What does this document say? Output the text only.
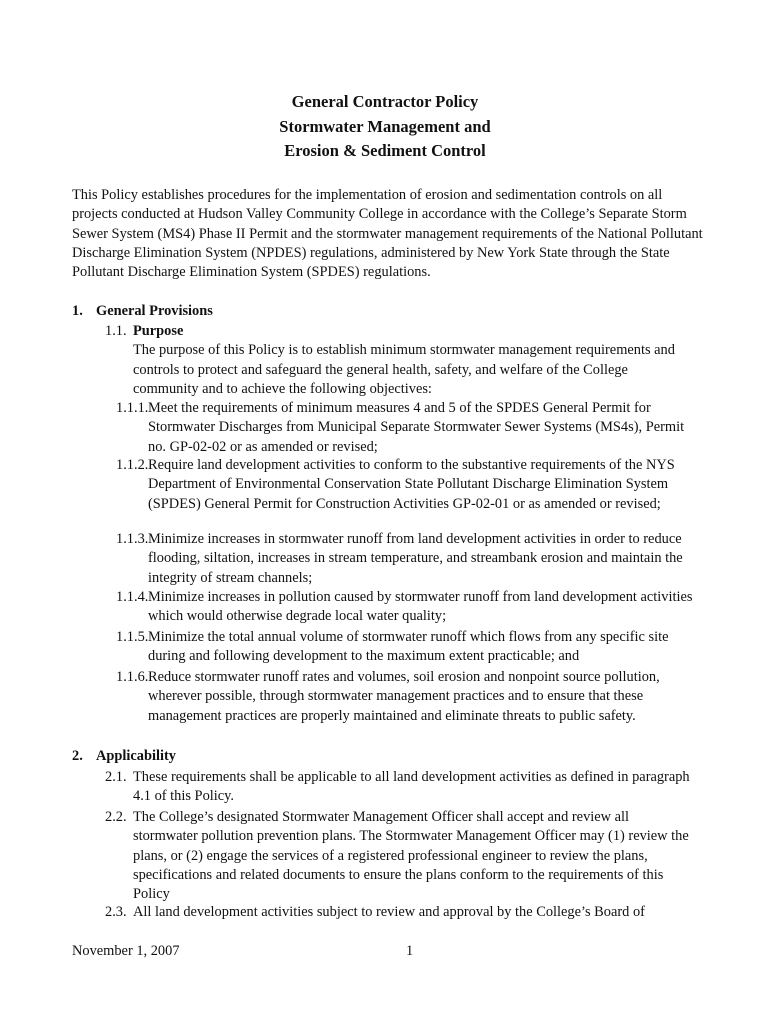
General Contractor Policy
Stormwater Management and
Erosion & Sediment Control
This Policy establishes procedures for the implementation of erosion and sedimentation controls on all projects conducted at Hudson Valley Community College in accordance with the College’s Separate Storm Sewer System (MS4) Phase II Permit and the stormwater management requirements of the National Pollutant Discharge Elimination System (NPDES) regulations, administered by New York State through the State Pollutant Discharge Elimination System (SPDES) regulations.
1. General Provisions
1.1. Purpose
The purpose of this Policy is to establish minimum stormwater management requirements and controls to protect and safeguard the general health, safety, and welfare of the College community and to achieve the following objectives:
1.1.1. Meet the requirements of minimum measures 4 and 5 of the SPDES General Permit for Stormwater Discharges from Municipal Separate Stormwater Sewer Systems (MS4s), Permit no. GP-02-02 or as amended or revised;
1.1.2. Require land development activities to conform to the substantive requirements of the NYS Department of Environmental Conservation State Pollutant Discharge Elimination System (SPDES) General Permit for Construction Activities GP-02-01 or as amended or revised;
1.1.3. Minimize increases in stormwater runoff from land development activities in order to reduce flooding, siltation, increases in stream temperature, and streambank erosion and maintain the integrity of stream channels;
1.1.4. Minimize increases in pollution caused by stormwater runoff from land development activities which would otherwise degrade local water quality;
1.1.5. Minimize the total annual volume of stormwater runoff which flows from any specific site during and following development to the maximum extent practicable; and
1.1.6. Reduce stormwater runoff rates and volumes, soil erosion and nonpoint source pollution, wherever possible, through stormwater management practices and to ensure that these management practices are properly maintained and eliminate threats to public safety.
2. Applicability
2.1. These requirements shall be applicable to all land development activities as defined in paragraph 4.1 of this Policy.
2.2. The College’s designated Stormwater Management Officer shall accept and review all stormwater pollution prevention plans. The Stormwater Management Officer may (1) review the plans, or (2) engage the services of a registered professional engineer to review the plans, specifications and related documents to ensure the plans conform to the requirements of this Policy
2.3. All land development activities subject to review and approval by the College’s Board of
November 1, 2007	1
